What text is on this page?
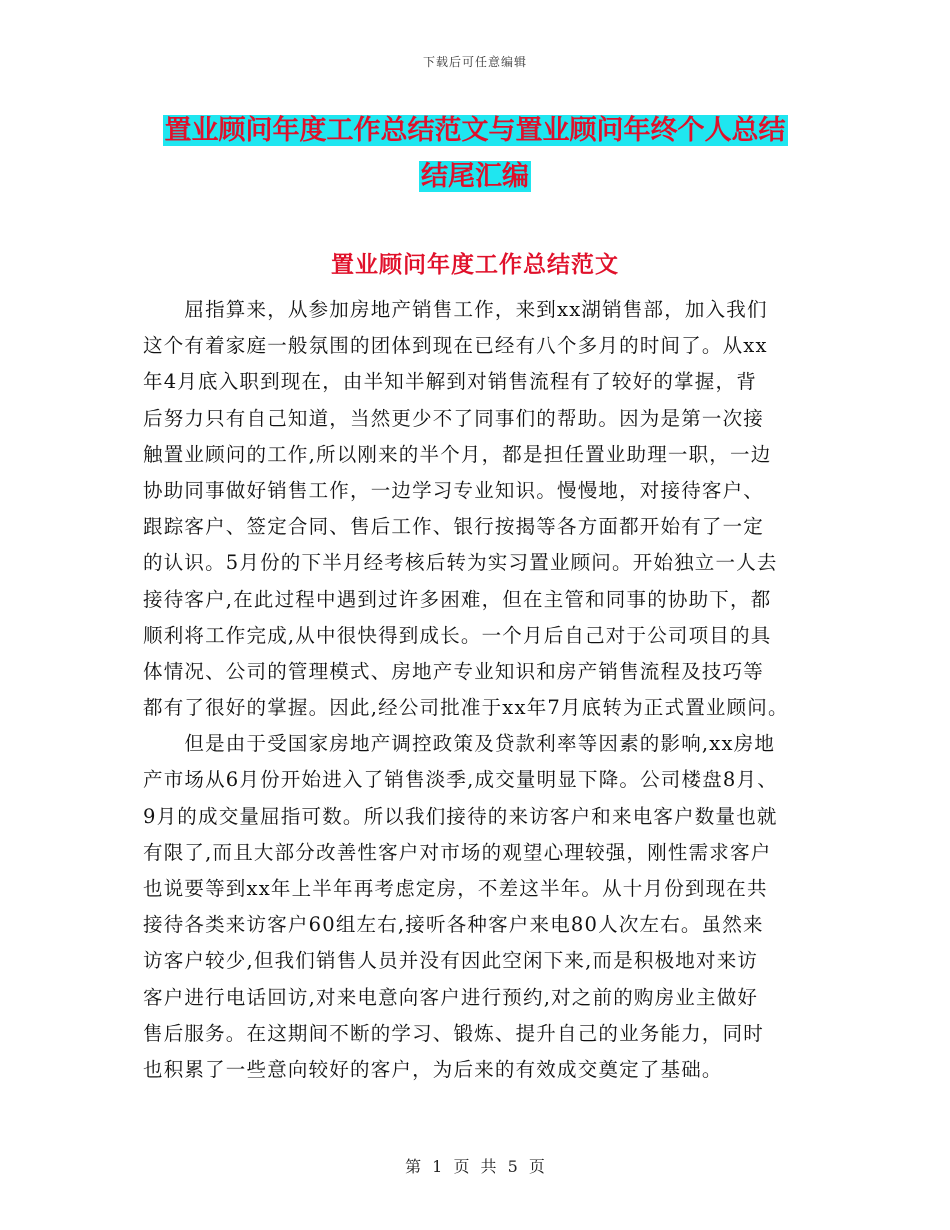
下载后可任意编辑
置业顾问年度工作总结范文与置业顾问年终个人总结
结尾汇编
置业顾问年度工作总结范文
　　屈指算来，从参加房地产销售工作，来到xx湖销售部，加入我们
这个有着家庭一般氛围的团体到现在已经有八个多月的时间了。从xx
年4月底入职到现在，由半知半解到对销售流程有了较好的掌握，背
后努力只有自己知道，当然更少不了同事们的帮助。因为是第一次接
触置业顾问的工作,所以刚来的半个月，都是担任置业助理一职，一边
协助同事做好销售工作，一边学习专业知识。慢慢地，对接待客户、
跟踪客户、签定合同、售后工作、银行按揭等各方面都开始有了一定
的认识。5月份的下半月经考核后转为实习置业顾问。开始独立一人去
接待客户,在此过程中遇到过许多困难，但在主管和同事的协助下，都
顺利将工作完成,从中很快得到成长。一个月后自己对于公司项目的具
体情况、公司的管理模式、房地产专业知识和房产销售流程及技巧等
都有了很好的掌握。因此,经公司批准于xx年7月底转为正式置业顾问。
　　但是由于受国家房地产调控政策及贷款利率等因素的影响,xx房地
产市场从6月份开始进入了销售淡季,成交量明显下降。公司楼盘8月、
9月的成交量屈指可数。所以我们接待的来访客户和来电客户数量也就
有限了,而且大部分改善性客户对市场的观望心理较强，刚性需求客户
也说要等到xx年上半年再考虑定房，不差这半年。从十月份到现在共
接待各类来访客户60组左右,接听各种客户来电80人次左右。虽然来
访客户较少,但我们销售人员并没有因此空闲下来,而是积极地对来访
客户进行电话回访,对来电意向客户进行预约,对之前的购房业主做好
售后服务。在这期间不断的学习、锻炼、提升自己的业务能力，同时
也积累了一些意向较好的客户，为后来的有效成交奠定了基础。
第 1 页 共 5 页
